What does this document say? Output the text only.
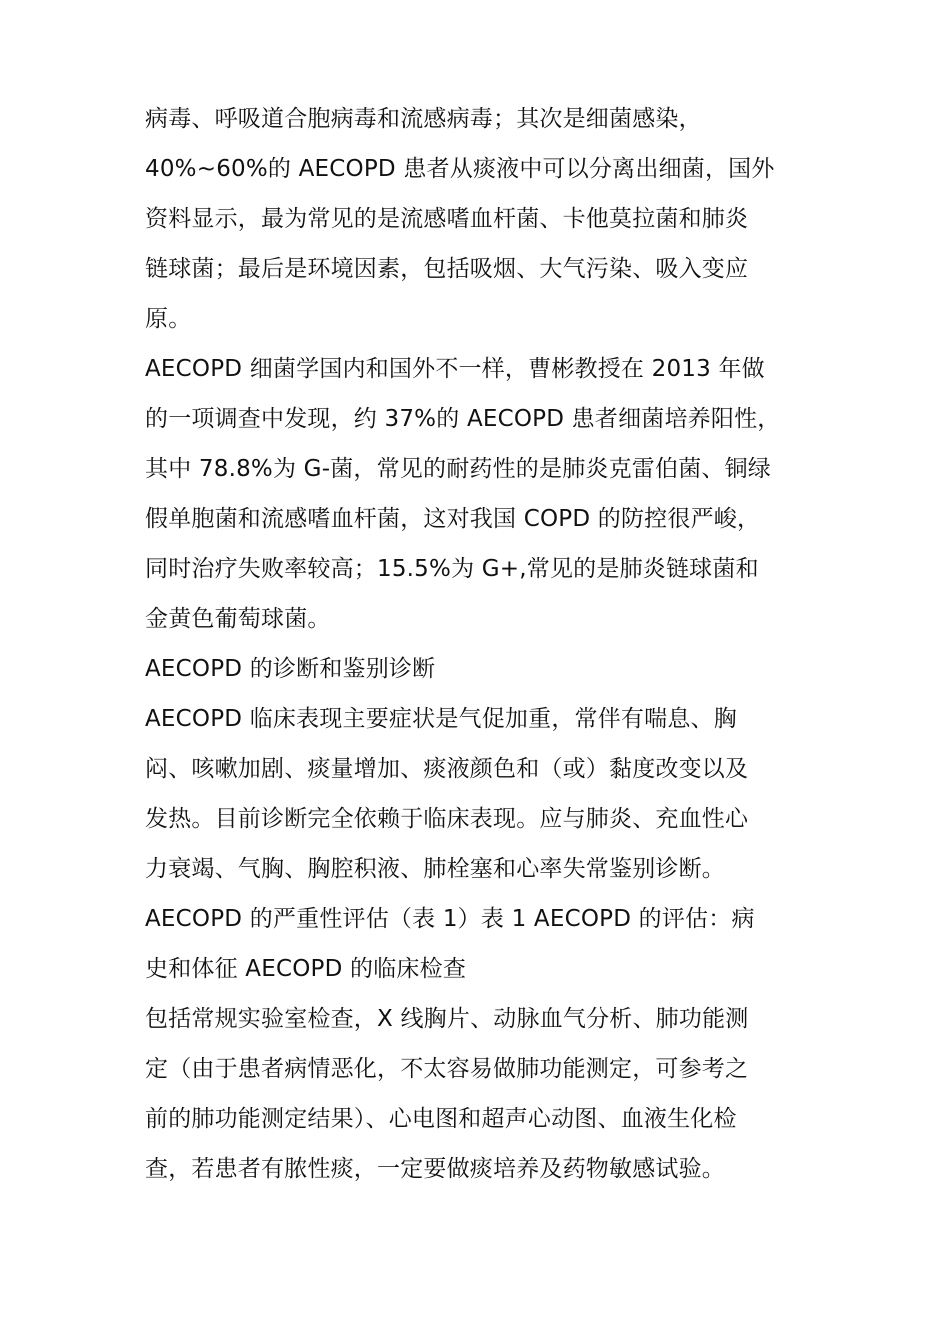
病毒、呼吸道合胞病毒和流感病毒；其次是细菌感染，
40%~60%的 AECOPD 患者从痰液中可以分离出细菌，国外
资料显示，最为常见的是流感嗜血杆菌、卡他莫拉菌和肺炎
链球菌；最后是环境因素，包括吸烟、大气污染、吸入变应
原。
AECOPD 细菌学国内和国外不一样，曹彬教授在 2013 年做
的一项调查中发现，约 37%的 AECOPD 患者细菌培养阳性，
其中 78.8%为 G-菌，常见的耐药性的是肺炎克雷伯菌、铜绿
假单胞菌和流感嗜血杆菌，这对我国 COPD 的防控很严峻，
同时治疗失败率较高；15.5%为 G+,常见的是肺炎链球菌和
金黄色葡萄球菌。
AECOPD 的诊断和鉴别诊断
AECOPD 临床表现主要症状是气促加重，常伴有喘息、胸
闷、咳嗽加剧、痰量增加、痰液颜色和（或）黏度改变以及
发热。目前诊断完全依赖于临床表现。应与肺炎、充血性心
力衰竭、气胸、胸腔积液、肺栓塞和心率失常鉴别诊断。
AECOPD 的严重性评估（表 1）表 1 AECOPD 的评估：病
史和体征 AECOPD 的临床检查
包括常规实验室检查，X 线胸片、动脉血气分析、肺功能测
定（由于患者病情恶化，不太容易做肺功能测定，可参考之
前的肺功能测定结果）、心电图和超声心动图、血液生化检
查，若患者有脓性痰，一定要做痰培养及药物敏感试验。
